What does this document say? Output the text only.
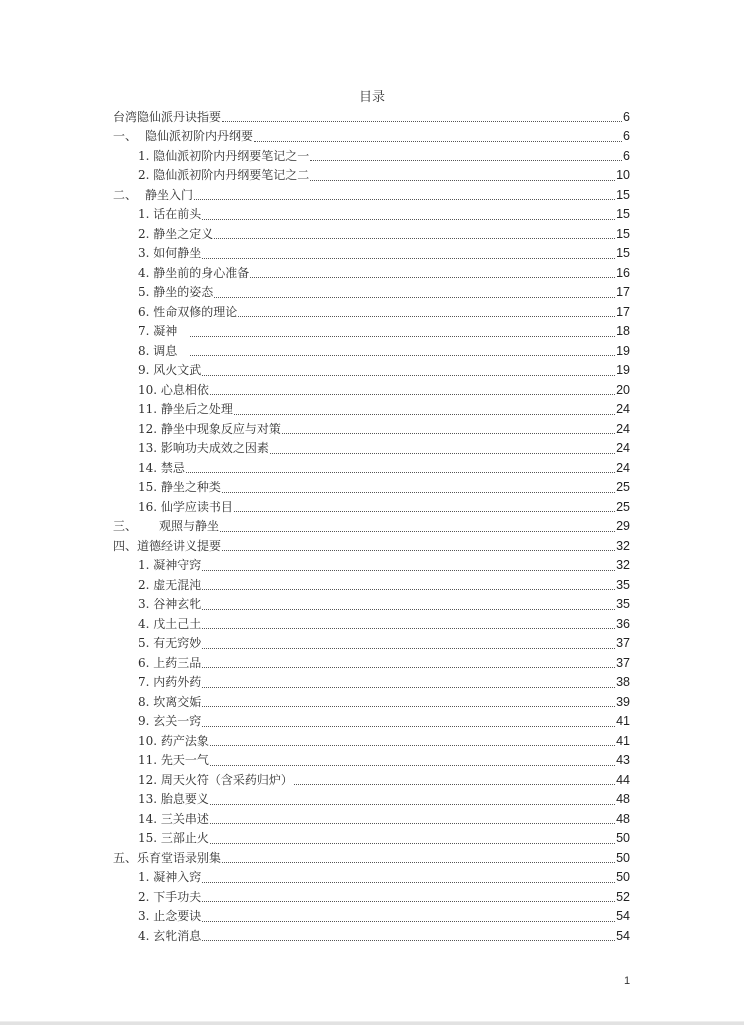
目录
台湾隐仙派丹诀指要	6
一、 隐仙派初阶内丹纲要	6
1. 隐仙派初阶内丹纲要笔记之一	6
2. 隐仙派初阶内丹纲要笔记之二	10
二、 静坐入门	15
1. 话在前头	15
2. 静坐之定义	15
3. 如何静坐	15
4. 静坐前的身心准备	16
5. 静坐的姿态	17
6. 性命双修的理论	17
7. 凝神　	18
8. 调息　	19
9. 风火文武	19
10. 心息相依	20
11. 静坐后之处理	24
12. 静坐中现象反应与对策	24
13. 影响功夫成效之因素	24
14. 禁忌	24
15. 静坐之种类	25
16. 仙学应读书目	25
三、	观照与静坐	29
四、 道德经讲义提要	32
1. 凝神守窍	32
2. 虚无混沌	35
3. 谷神玄牝	35
4. 戊土己土	36
5. 有无窍妙	37
6. 上药三品	37
7. 内药外药	38
8. 坎离交姤	39
9. 玄关一窍	41
10. 药产法象	41
11. 先天一气	43
12. 周天火符（含采药归炉）	44
13. 胎息要义	48
14. 三关串述	48
15. 三部止火	50
五、 乐育堂语录别集	50
1. 凝神入窍	50
2. 下手功夫	52
3. 止念要诀	54
4. 玄牝消息	54
1
